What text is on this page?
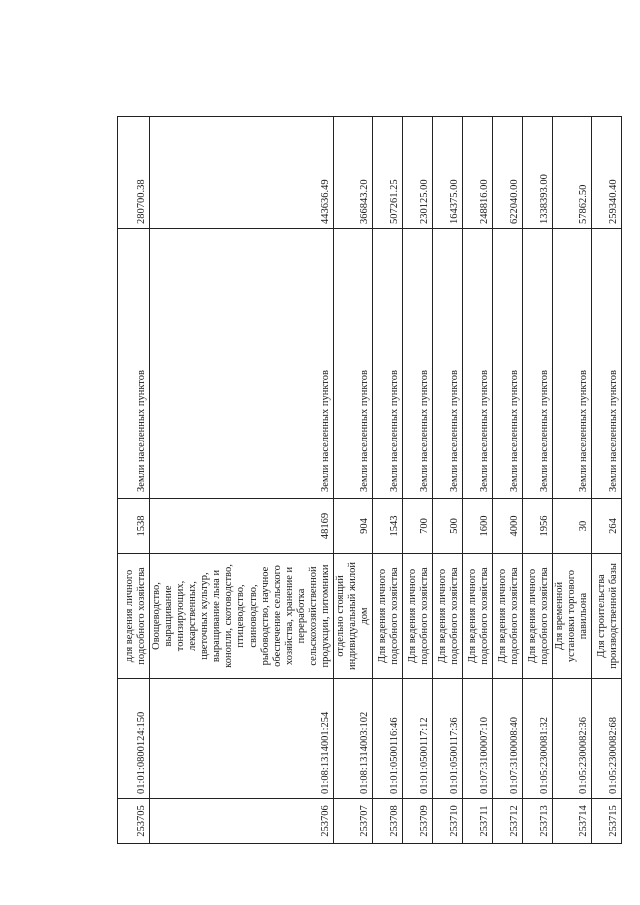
253705	01:01:0800124:150	для ведения личного подсобного хозяйства	1538	Земли населенных пунктов	280700.38
253706	01:08:1314001:254	Овощеводство, выращивание тонизирующих, лекарственных, цветочных культур, выращивание льна и конопли, скотоводство, птицеводство, свиноводство, рыбоводство, научное обеспечение сельского хозяйства, хранение и переработка сельскохозяйственной продукции, питомники	48169	Земли населенных пунктов	443636.49
253707	01:08:1314003:102	отдельно стоящий индивидуальный жилой дом	904	Земли населенных пунктов	366843.20
253708	01:01:0500116:46	Для ведения личного подсобного хозяйства	1543	Земли населенных пунктов	507261.25
253709	01:01:0500117:12	Для ведения личного подсобного хозяйства	700	Земли населенных пунктов	230125.00
253710	01:01:0500117:36	Для ведения личного подсобного хозяйства	500	Земли населенных пунктов	164375.00
253711	01:07:3100007:10	Для ведения личного подсобного хозяйства	1600	Земли населенных пунктов	248816.00
253712	01:07:3100008:40	Для ведения личного подсобного хозяйства	4000	Земли населенных пунктов	622040.00
253713	01:05:2300081:32	Для ведения личного подсобного хозяйства	1956	Земли населенных пунктов	1338393.00
253714	01:05:2300082:36	Для временной установки торгового павильона	30	Земли населенных пунктов	57862.50
253715	01:05:2300082:68	Для строительства производственной базы	264	Земли населенных пунктов	259340.40
